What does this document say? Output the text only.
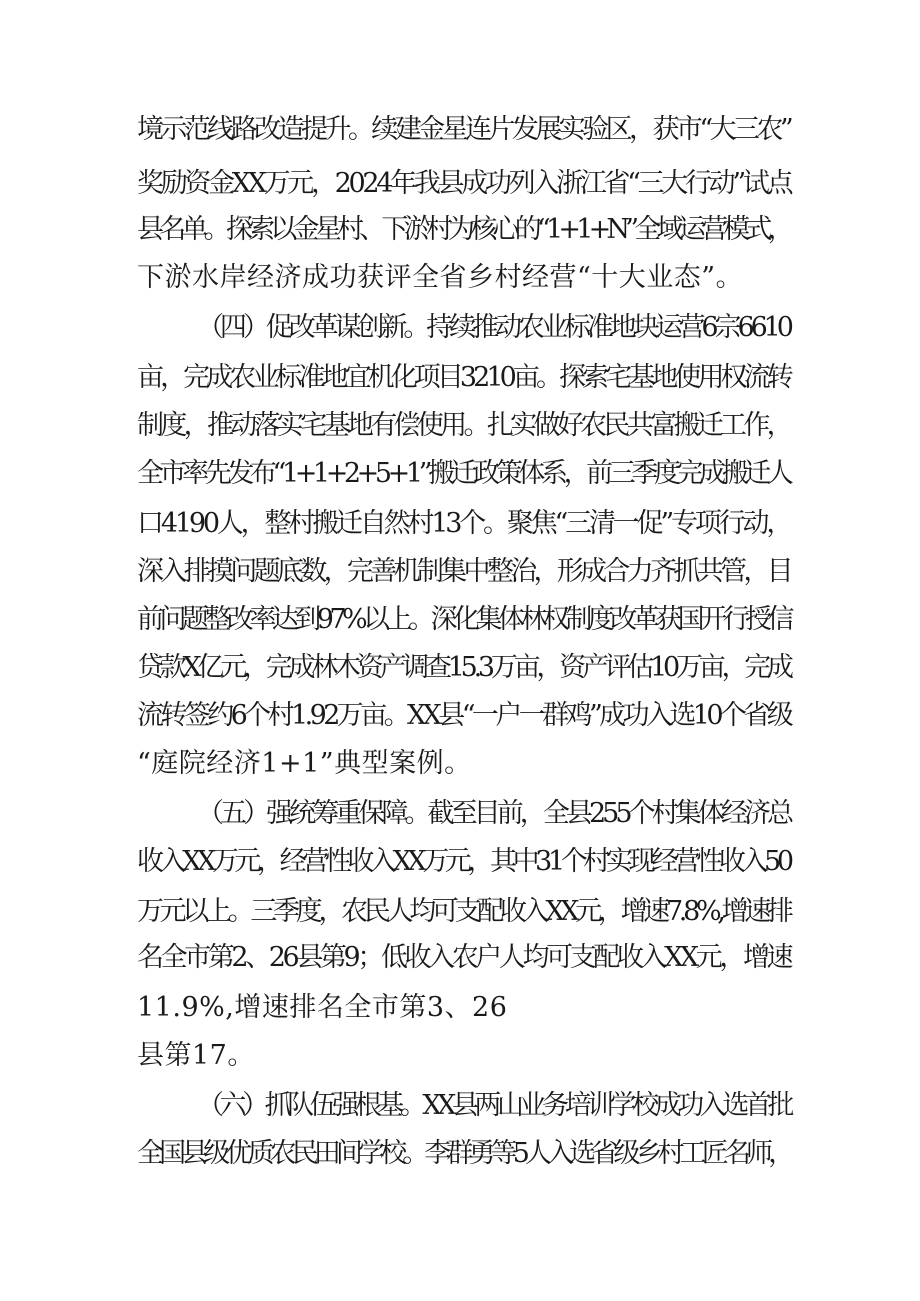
境示范线路改造提升。续建金星连片发展实验区，获市“大三农”
奖励资金XX万元，2024年我县成功列入浙江省“三大行动”试点
县名单。探索以金星村、下淤村为核心的“1+1+N”全域运营模式，
下淤水岸经济成功获评全省乡村经营“十大业态”。
（四）促改革谋创新。持续推动农业标准地块运营6宗6610
亩，完成农业标准地宜机化项目3210亩。探索宅基地使用权流转
制度，推动落实宅基地有偿使用。扎实做好农民共富搬迁工作，
全市率先发布“1+1+2+5+1”搬迁政策体系，前三季度完成搬迁人
口4190人，整村搬迁自然村13个。聚焦“三清一促”专项行动，
深入排摸问题底数，完善机制集中整治，形成合力齐抓共管，目
前问题整改率达到97%以上。深化集体林权制度改革获国开行授信
贷款X亿元，完成林木资产调查15.3万亩，资产评估10万亩，完成
流转签约6个村1.92万亩。XX县“一户一群鸡”成功入选10个省级
“庭院经济1+1”典型案例。
（五）强统筹重保障。截至目前，全县255个村集体经济总
收入XX万元，经营性收入XX万元，其中31个村实现经营性收入50
万元以上。三季度，农民人均可支配收入XX元，增速7.8%,增速排
名全市第2、26县第9；低收入农户人均可支配收入XX元，增速
11.9%,增速排名全市第3、26
县第17。
（六）抓队伍强根基。XX县两山业务培训学校成功入选首批
全国县级优质农民田间学校。李群勇等5人入选省级乡村工匠名师，
